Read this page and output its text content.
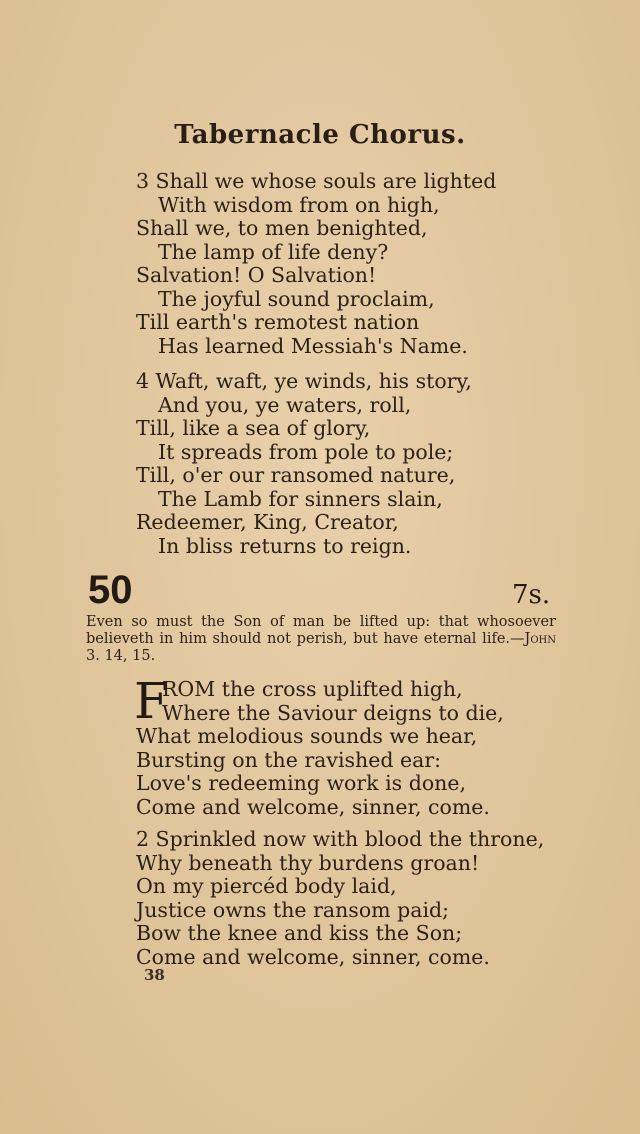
Tabernacle Chorus.
3 Shall we whose souls are lighted
With wisdom from on high,
Shall we, to men benighted,
The lamp of life deny?
Salvation! O Salvation!
The joyful sound proclaim,
Till earth's remotest nation
Has learned Messiah's Name.
4 Waft, waft, ye winds, his story,
And you, ye waters, roll,
Till, like a sea of glory,
It spreads from pole to pole;
Till, o'er our ransomed nature,
The Lamb for sinners slain,
Redeemer, King, Creator,
In bliss returns to reign.
50	7s.
Even so must the Son of man be lifted up: that whosoever believeth in him should not perish, but have eternal life.—John 3. 14, 15.
F
ROM the cross uplifted high,
Where the Saviour deigns to die,
What melodious sounds we hear,
Bursting on the ravished ear:
Love's redeeming work is done,
Come and welcome, sinner, come.
2 Sprinkled now with blood the throne,
Why beneath thy burdens groan!
On my piercéd body laid,
Justice owns the ransom paid;
Bow the knee and kiss the Son;
Come and welcome, sinner, come.
38
